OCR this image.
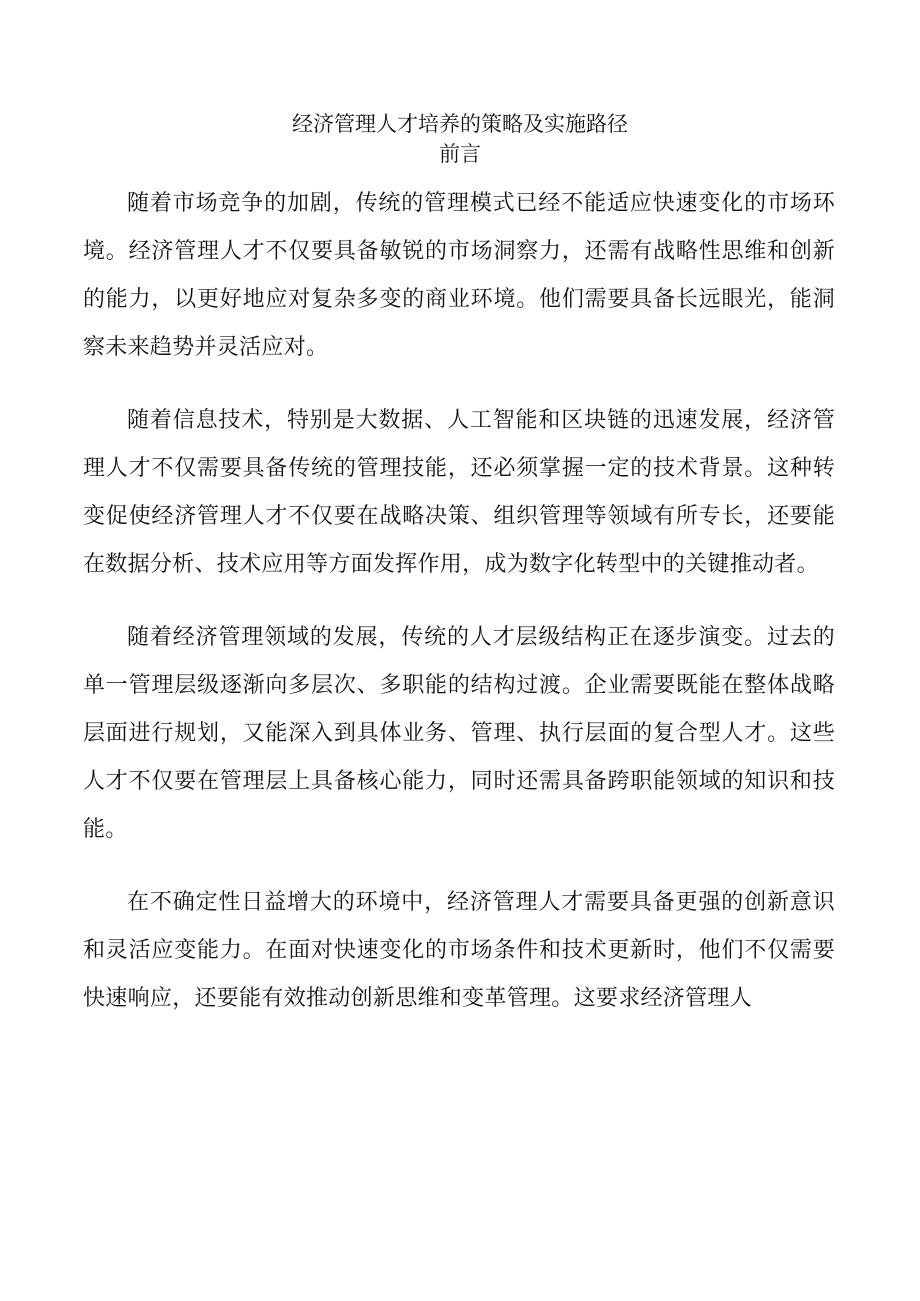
经济管理人才培养的策略及实施路径
前言

随着市场竞争的加剧，传统的管理模式已经不能适应快速变化的市场环境。经济管理人才不仅要具备敏锐的市场洞察力，还需有战略性思维和创新的能力，以更好地应对复杂多变的商业环境。他们需要具备长远眼光，能洞察未来趋势并灵活应对。

随着信息技术，特别是大数据、人工智能和区块链的迅速发展，经济管理人才不仅需要具备传统的管理技能，还必须掌握一定的技术背景。这种转变促使经济管理人才不仅要在战略决策、组织管理等领域有所专长，还要能在数据分析、技术应用等方面发挥作用，成为数字化转型中的关键推动者。

随着经济管理领域的发展，传统的人才层级结构正在逐步演变。过去的单一管理层级逐渐向多层次、多职能的结构过渡。企业需要既能在整体战略层面进行规划，又能深入到具体业务、管理、执行层面的复合型人才。这些人才不仅要在管理层上具备核心能力，同时还需具备跨职能领域的知识和技能。

在不确定性日益增大的环境中，经济管理人才需要具备更强的创新意识和灵活应变能力。在面对快速变化的市场条件和技术更新时，他们不仅需要快速响应，还要能有效推动创新思维和变革管理。这要求经济管理人
